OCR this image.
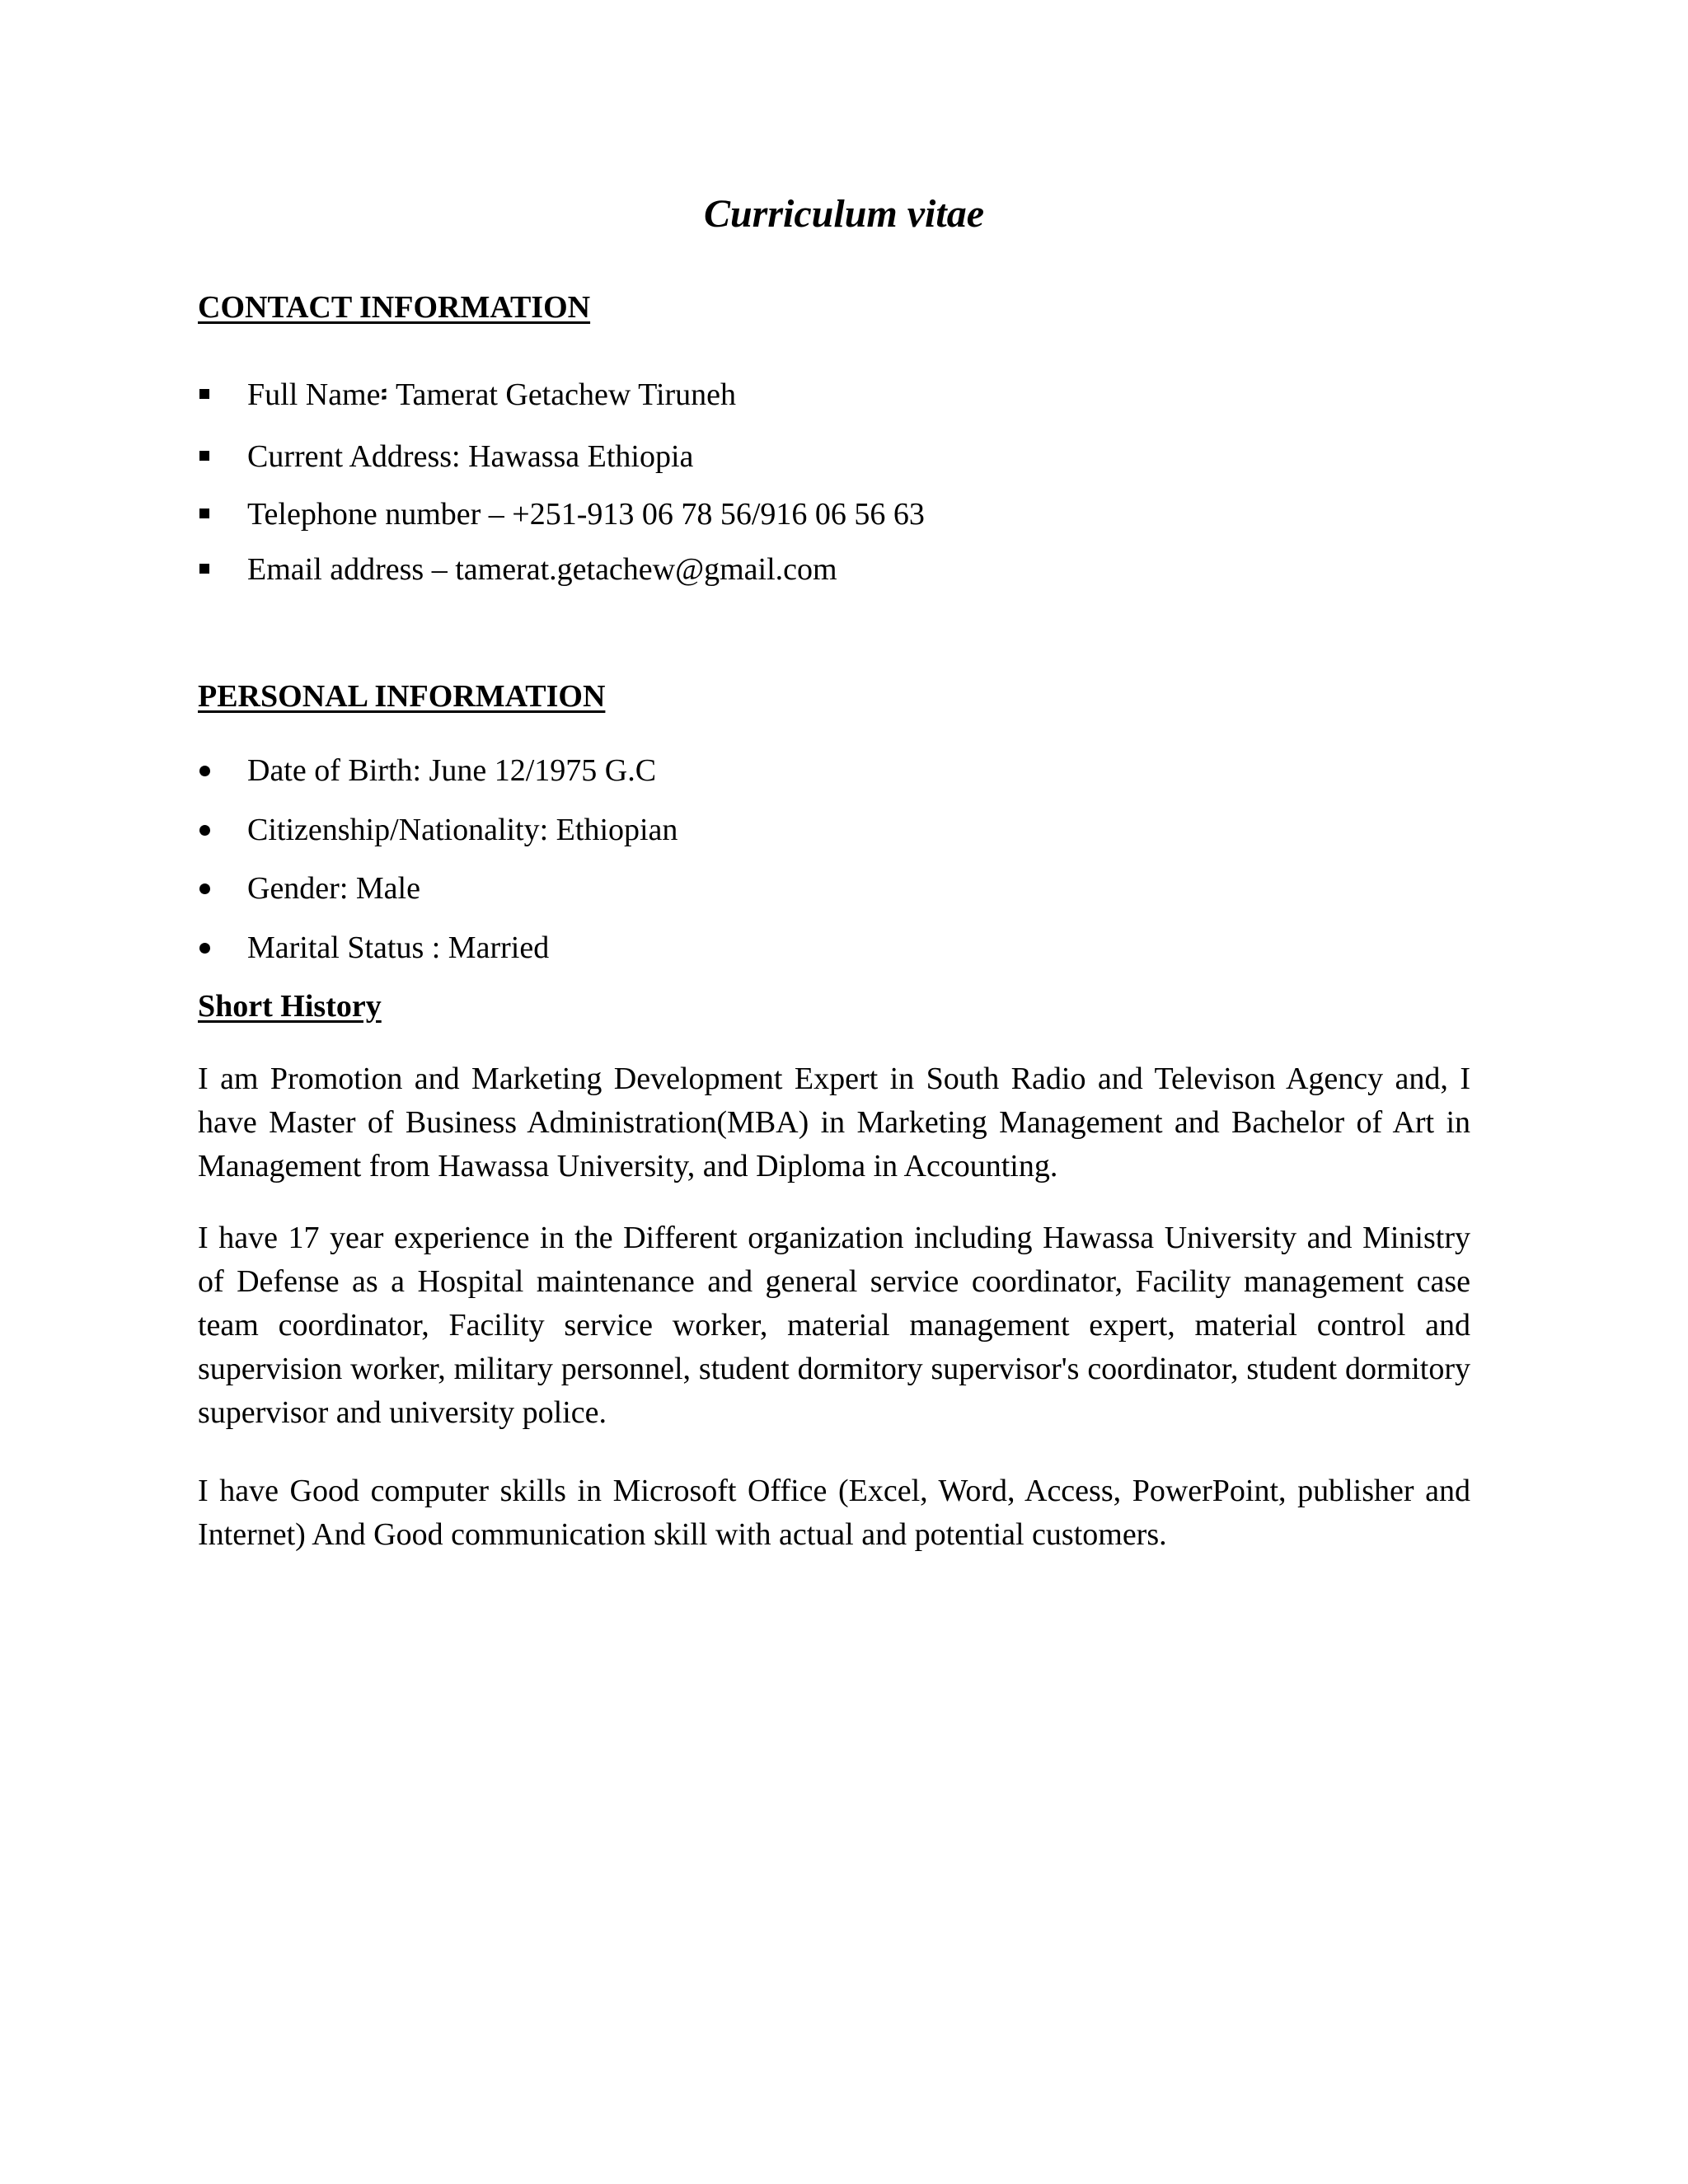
Curriculum vitae
CONTACT INFORMATION
Full Name፡ Tamerat Getachew Tiruneh
Current Address: Hawassa Ethiopia
Telephone number – +251-913 06 78 56/916 06 56 63
Email address – tamerat.getachew@gmail.com
PERSONAL INFORMATION
Date of Birth: June 12/1975 G.C
Citizenship/Nationality: Ethiopian
Gender: Male
Marital Status : Married
Short History

I am Promotion and Marketing Development Expert in South Radio and Televison Agency and, I have Master of Business Administration(MBA) in Marketing Management and Bachelor of Art in Management from Hawassa University, and Diploma in Accounting.

I have 17 year experience in the Different organization including Hawassa University and Ministry of Defense as a Hospital maintenance and general service coordinator, Facility management case team coordinator, Facility service worker, material management expert, material control and supervision worker, military personnel, student dormitory supervisor's coordinator, student dormitory supervisor and university police.

I have Good computer skills in Microsoft Office (Excel, Word, Access, PowerPoint, publisher and Internet) And Good communication skill with actual and potential customers.
